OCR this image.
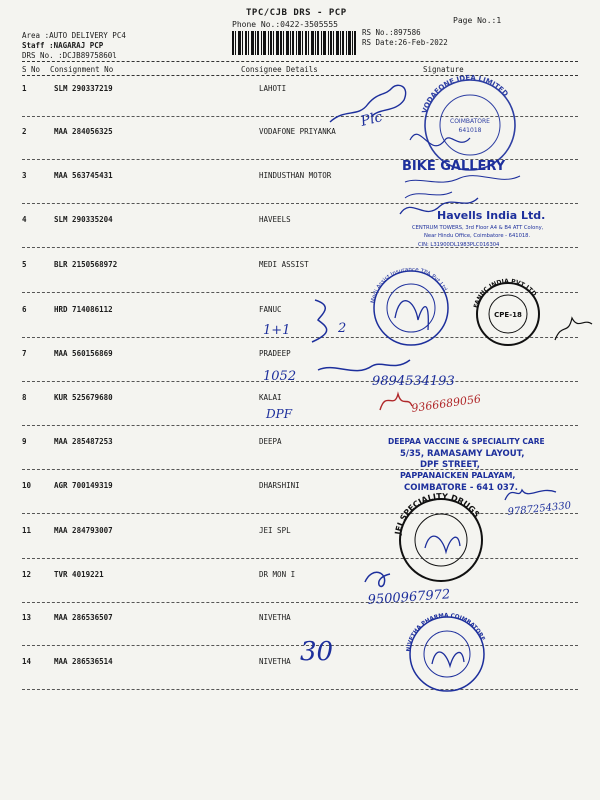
TPC/CJB DRS - PCP
Phone No.:0422-3505555	Page No.:1
Area :AUTO DELIVERY PC4
Staff :NAGARAJ PCP
DRS No. :DCJB8975860l
RS No.:897586
RS Date:26-Feb-2022
S No Consignment No	Consignee Details	Signature
1	SLM 290337219	LAHOTI
2	MAA 284056325	VODAFONE PRIYANKA
3	MAA 563745431	HINDUSTHAN MOTOR
4	SLM 290335204	HAVEELS
5	BLR 2150568972	MEDI ASSIST
6	HRD 714086112	FANUC
7	MAA 560156869	PRADEEP
8	KUR 525679680	KALAI
9	MAA 285487253	DEEPA
10	AGR 700149319	DHARSHINI
11	MAA 284793007	JEI SPL
12	TVR 4019221	DR MON I
13	MAA 286536507	NIVETHA
14	MAA 286536514	NIVETHA
Plc	VODAFONE IDEA LIMITED
COIMBATORE
641018
BIKE GALLERY
Havells India Ltd.
CENTRUM TOWERS, 3rd Floor A4 & B4 ATT Colony,
Near Hindu Office, Coimbatore - 641018.
CIN: L31900DL1983PLC016304
Medi Assist Insurance TPA Pvt Ltd
FANUC INDIA PVT LTD
CPE-18
1+1	2
1052	9894534193
DPF	9366689056
DEEPAA VACCINE & SPECIALITY CARE
5/35, RAMASAMY LAYOUT,
DPF STREET,
PAPPANAICKEN PALAYAM,
COIMBATORE - 641 037.
9787254330
JEI SPECIALITY DRUGS
9500967972
30	NIVETHA PHARMA COIMBATORE
